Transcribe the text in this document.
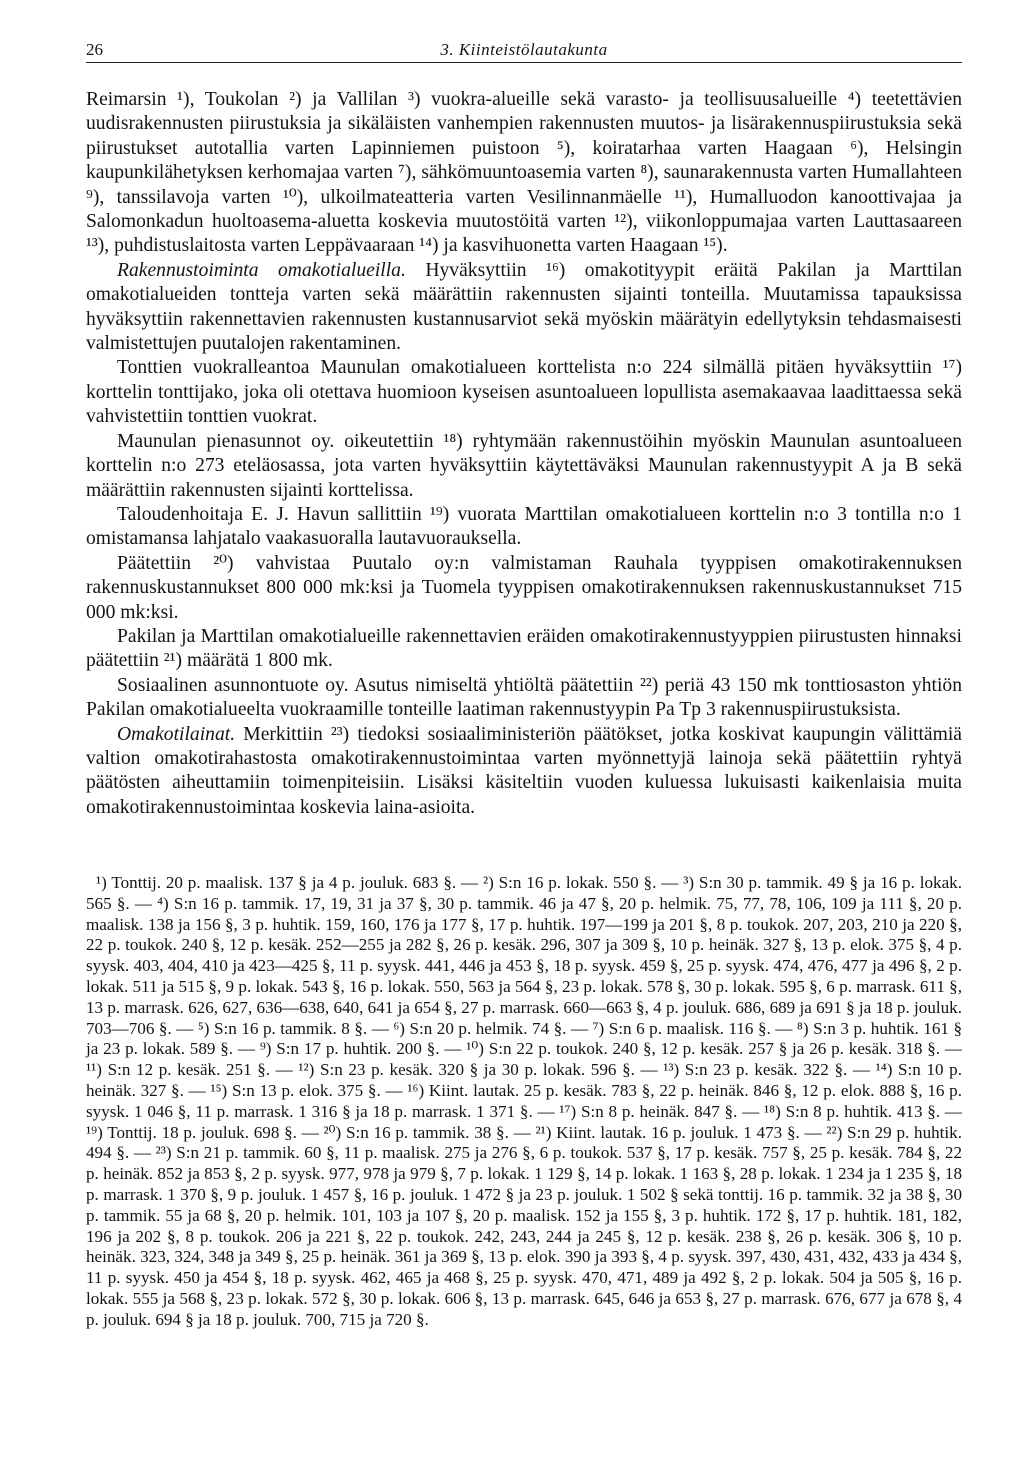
26	3. Kiinteistölautakunta

Reimarsin ¹), Toukolan ²) ja Vallilan ³) vuokra-alueille sekä varasto- ja teollisuusalueille ⁴) teetettävien uudisrakennusten piirustuksia ja sikäläisten vanhempien rakennusten muutos- ja lisärakennuspiirustuksia sekä piirustukset autotallia varten Lapinniemen puistoon ⁵), koiratarhaa varten Haagaan ⁶), Helsingin kaupunkilähetyksen kerhomajaa varten ⁷), sähkömuuntoasemia varten ⁸), saunarakennusta varten Humallahteen ⁹), tanssilavoja varten ¹⁰), ulkoilmateatteria varten Vesilinnanmäelle ¹¹), Humalluodon kanoottivajaa ja Salomonkadun huoltoasema-aluetta koskevia muutostöitä varten ¹²), viikonloppumajaa varten Lauttasaareen ¹³), puhdistuslaitosta varten Leppävaaraan ¹⁴) ja kasvihuonetta varten Haagaan ¹⁵).

Rakennustoiminta omakotialueilla. Hyväksyttiin ¹⁶) omakotityypit eräitä Pakilan ja Marttilan omakotialueiden tontteja varten sekä määrättiin rakennusten sijainti tonteilla. Muutamissa tapauksissa hyväksyttiin rakennettavien rakennusten kustannusarviot sekä myöskin määrätyin edellytyksin tehdasmaisesti valmistettujen puutalojen rakentaminen.

Tonttien vuokralleantoa Maunulan omakotialueen korttelista n:o 224 silmällä pitäen hyväksyttiin ¹⁷) korttelin tonttijako, joka oli otettava huomioon kyseisen asuntoalueen lopullista asemakaavaa laadittaessa sekä vahvistettiin tonttien vuokrat.

Maunulan pienasunnot oy. oikeutettiin ¹⁸) ryhtymään rakennustöihin myöskin Maunulan asuntoalueen korttelin n:o 273 eteläosassa, jota varten hyväksyttiin käytettäväksi Maunulan rakennustyypit A ja B sekä määrättiin rakennusten sijainti korttelissa.

Taloudenhoitaja E. J. Havun sallittiin ¹⁹) vuorata Marttilan omakotialueen korttelin n:o 3 tontilla n:o 1 omistamansa lahjatalo vaakasuoralla lautavuorauksella.

Päätettiin ²⁰) vahvistaa Puutalo oy:n valmistaman Rauhala tyyppisen omakotirakennuksen rakennuskustannukset 800 000 mk:ksi ja Tuomela tyyppisen omakotirakennuksen rakennuskustannukset 715 000 mk:ksi.

Pakilan ja Marttilan omakotialueille rakennettavien eräiden omakotirakennustyyppien piirustusten hinnaksi päätettiin ²¹) määrätä 1 800 mk.

Sosiaalinen asunnontuote oy. Asutus nimiseltä yhtiöltä päätettiin ²²) periä 43 150 mk tonttiosaston yhtiön Pakilan omakotialueelta vuokraamille tonteille laatiman rakennustyypin Pa Tp 3 rakennuspiirustuksista.

Omakotilainat. Merkittiin ²³) tiedoksi sosiaaliministeriön päätökset, jotka koskivat kaupungin välittämiä valtion omakotirahastosta omakotirakennustoimintaa varten myönnettyjä lainoja sekä päätettiin ryhtyä päätösten aiheuttamiin toimenpiteisiin. Lisäksi käsiteltiin vuoden kuluessa lukuisasti kaikenlaisia muita omakotirakennustoimintaa koskevia laina-asioita.

¹) Tonttij. 20 p. maalisk. 137 § ja 4 p. jouluk. 683 §. — ²) S:n 16 p. lokak. 550 §. — ³) S:n 30 p. tammik. 49 § ja 16 p. lokak. 565 §. — ⁴) S:n 16 p. tammik. 17, 19, 31 ja 37 §, 30 p. tammik. 46 ja 47 §, 20 p. helmik. 75, 77, 78, 106, 109 ja 111 §, 20 p. maalisk. 138 ja 156 §, 3 p. huhtik. 159, 160, 176 ja 177 §, 17 p. huhtik. 197—199 ja 201 §, 8 p. toukok. 207, 203, 210 ja 220 §, 22 p. toukok. 240 §, 12 p. kesäk. 252—255 ja 282 §, 26 p. kesäk. 296, 307 ja 309 §, 10 p. heinäk. 327 §, 13 p. elok. 375 §, 4 p. syysk. 403, 404, 410 ja 423—425 §, 11 p. syysk. 441, 446 ja 453 §, 18 p. syysk. 459 §, 25 p. syysk. 474, 476, 477 ja 496 §, 2 p. lokak. 511 ja 515 §, 9 p. lokak. 543 §, 16 p. lokak. 550, 563 ja 564 §, 23 p. lokak. 578 §, 30 p. lokak. 595 §, 6 p. marrask. 611 §, 13 p. marrask. 626, 627, 636—638, 640, 641 ja 654 §, 27 p. marrask. 660—663 §, 4 p. jouluk. 686, 689 ja 691 § ja 18 p. jouluk. 703—706 §. — ⁵) S:n 16 p. tammik. 8 §. — ⁶) S:n 20 p. helmik. 74 §. — ⁷) S:n 6 p. maalisk. 116 §. — ⁸) S:n 3 p. huhtik. 161 § ja 23 p. lokak. 589 §. — ⁹) S:n 17 p. huhtik. 200 §. — ¹⁰) S:n 22 p. toukok. 240 §, 12 p. kesäk. 257 § ja 26 p. kesäk. 318 §. — ¹¹) S:n 12 p. kesäk. 251 §. — ¹²) S:n 23 p. kesäk. 320 § ja 30 p. lokak. 596 §. — ¹³) S:n 23 p. kesäk. 322 §. — ¹⁴) S:n 10 p. heinäk. 327 §. — ¹⁵) S:n 13 p. elok. 375 §. — ¹⁶) Kiint. lautak. 25 p. kesäk. 783 §, 22 p. heinäk. 846 §, 12 p. elok. 888 §, 16 p. syysk. 1 046 §, 11 p. marrask. 1 316 § ja 18 p. marrask. 1 371 §. — ¹⁷) S:n 8 p. heinäk. 847 §. — ¹⁸) S:n 8 p. huhtik. 413 §. — ¹⁹) Tonttij. 18 p. jouluk. 698 §. — ²⁰) S:n 16 p. tammik. 38 §. — ²¹) Kiint. lautak. 16 p. jouluk. 1 473 §. — ²²) S:n 29 p. huhtik. 494 §. — ²³) S:n 21 p. tammik. 60 §, 11 p. maalisk. 275 ja 276 §, 6 p. toukok. 537 §, 17 p. kesäk. 757 §, 25 p. kesäk. 784 §, 22 p. heinäk. 852 ja 853 §, 2 p. syysk. 977, 978 ja 979 §, 7 p. lokak. 1 129 §, 14 p. lokak. 1 163 §, 28 p. lokak. 1 234 ja 1 235 §, 18 p. marrask. 1 370 §, 9 p. jouluk. 1 457 §, 16 p. jouluk. 1 472 § ja 23 p. jouluk. 1 502 § sekä tonttij. 16 p. tammik. 32 ja 38 §, 30 p. tammik. 55 ja 68 §, 20 p. helmik. 101, 103 ja 107 §, 20 p. maalisk. 152 ja 155 §, 3 p. huhtik. 172 §, 17 p. huhtik. 181, 182, 196 ja 202 §, 8 p. toukok. 206 ja 221 §, 22 p. toukok. 242, 243, 244 ja 245 §, 12 p. kesäk. 238 §, 26 p. kesäk. 306 §, 10 p. heinäk. 323, 324, 348 ja 349 §, 25 p. heinäk. 361 ja 369 §, 13 p. elok. 390 ja 393 §, 4 p. syysk. 397, 430, 431, 432, 433 ja 434 §, 11 p. syysk. 450 ja 454 §, 18 p. syysk. 462, 465 ja 468 §, 25 p. syysk. 470, 471, 489 ja 492 §, 2 p. lokak. 504 ja 505 §, 16 p. lokak. 555 ja 568 §, 23 p. lokak. 572 §, 30 p. lokak. 606 §, 13 p. marrask. 645, 646 ja 653 §, 27 p. marrask. 676, 677 ja 678 §, 4 p. jouluk. 694 § ja 18 p. jouluk. 700, 715 ja 720 §.
